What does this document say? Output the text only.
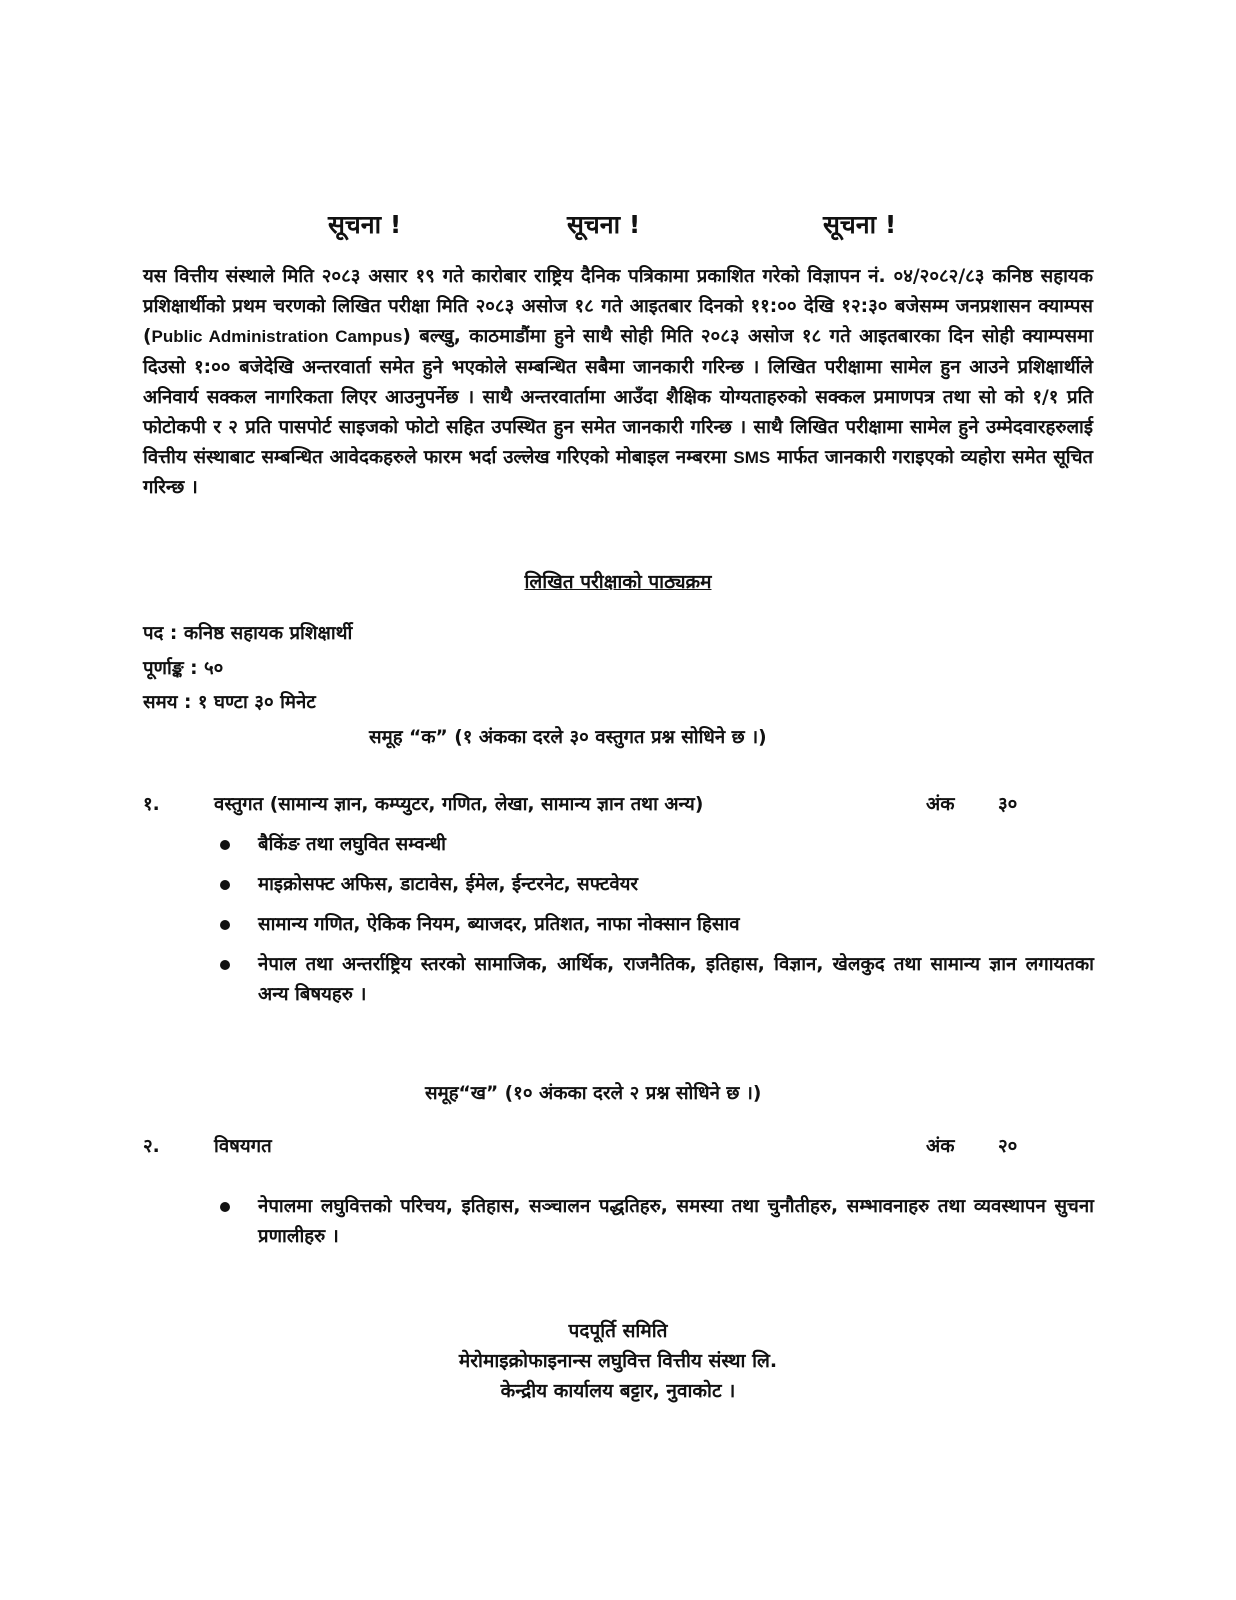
सूचना !	सूचना !	सूचना !
यस वित्तीय संस्थाले मिति २०८३ असार १९ गते कारोबार राष्ट्रिय दैनिक पत्रिकामा प्रकाशित गरेको विज्ञापन नं. ०४/२०८२/८३ कनिष्ठ सहायक प्रशिक्षार्थीको प्रथम चरणको लिखित परीक्षा मिति २०८३ असोज १८ गते आइतबार दिनको ११:०० देखि १२:३० बजेसम्म जनप्रशासन क्याम्पस (Public Administration Campus) बल्खु, काठमाडौंमा हुने साथै सोही मिति २०८३ असोज १८ गते आइतबारका दिन सोही क्याम्पसमा दिउसो १:०० बजेदेखि अन्तरवार्ता समेत हुने भएकोले सम्बन्धित सबैमा जानकारी गरिन्छ । लिखित परीक्षामा सामेल हुन आउने प्रशिक्षार्थीले अनिवार्य सक्कल नागरिकता लिएर आउनुपर्नेछ । साथै अन्तरवार्तामा आउँदा शैक्षिक योग्यताहरुको सक्कल प्रमाणपत्र तथा सो को १/१ प्रति फोटोकपी र २ प्रति पासपोर्ट साइजको फोटो सहित उपस्थित हुन समेत जानकारी गरिन्छ । साथै लिखित परीक्षामा सामेल हुने उम्मेदवारहरुलाई वित्तीय संस्थाबाट सम्बन्धित आवेदकहरुले फारम भर्दा उल्लेख गरिएको मोबाइल नम्बरमा SMS मार्फत जानकारी गराइएको व्यहोरा समेत सूचित गरिन्छ ।
लिखित परीक्षाको पाठ्यक्रम
पद : कनिष्ठ सहायक प्रशिक्षार्थी
पूर्णाङ्क : ५०
समय : १ घण्टा ३० मिनेट
समूह “क” (१ अंकका दरले ३० वस्तुगत प्रश्न सोधिने छ ।)
१.	वस्तुगत (सामान्य ज्ञान, कम्प्युटर, गणित, लेखा, सामान्य ज्ञान तथा अन्य)	अंक ३०
बैकिंङ तथा लघुवित सम्वन्धी
माइक्रोसफ्ट अफिस, डाटावेस, ईमेल, ईन्टरनेट, सफ्टवेयर
सामान्य गणित, ऐकिक नियम, ब्याजदर, प्रतिशत, नाफा नोक्सान हिसाव
नेपाल तथा अन्तर्राष्ट्रिय स्तरको सामाजिक, आर्थिक, राजनैतिक, इतिहास, विज्ञान, खेलकुद तथा सामान्य ज्ञान लगायतका अन्य बिषयहरु ।
समूह“ख” (१० अंकका दरले २ प्रश्न सोधिने छ ।)
२.	विषयगत	अंक २०
नेपालमा लघुवित्तको परिचय, इतिहास, सञ्चालन पद्धतिहरु, समस्या तथा चुनौतीहरु, सम्भावनाहरु तथा व्यवस्थापन सुचना प्रणालीहरु ।
पदपूर्ति समिति
मेरोमाइक्रोफाइनान्स लघुवित्त वित्तीय संस्था लि.
केन्द्रीय कार्यालय बट्टार, नुवाकोट ।
